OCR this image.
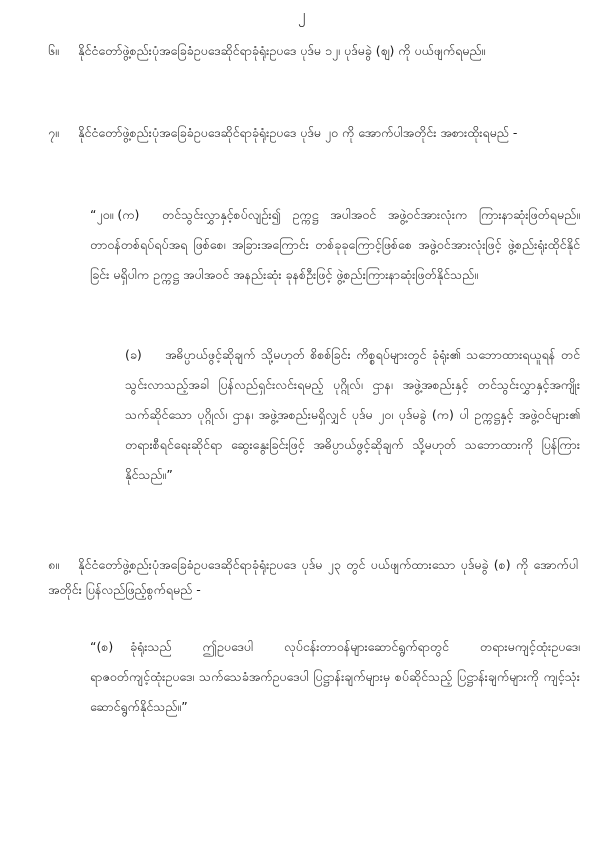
၂
၆။ နိုင်ငံတော်ဖွဲ့စည်းပုံအခြေခံဥပဒေဆိုင်ရာခုံရုံးဥပဒေ ပုဒ်မ ၁၂၊ ပုဒ်မခွဲ (ဈ) ကို ပယ်ဖျက်ရမည်။
၇။ နိုင်ငံတော်ဖွဲ့စည်းပုံအခြေခံဥပဒေဆိုင်ရာခုံရုံးဥပဒေ ပုဒ်မ ၂၀ ကို အောက်ပါအတိုင်း အစားထိုးရမည် -
“၂၀။ (က) တင်သွင်းလွှာနှင့်စပ်လျဉ်း၍ ဥက္ကဋ္ဌ အပါအဝင် အဖွဲ့ဝင်အားလုံးက ကြားနာဆုံးဖြတ်ရမည်။ တာဝန်တစ်ရပ်ရပ်အရ ဖြစ်စေ၊ အခြားအကြောင်း တစ်ခုခုကြောင့်ဖြစ်စေ အဖွဲ့ဝင်အားလုံးဖြင့် ဖွဲ့စည်းရုံးထိုင်နိုင်ခြင်း မရှိပါက ဥက္ကဋ္ဌ အပါအဝင် အနည်းဆုံး ခုနစ်ဦးဖြင့် ဖွဲ့စည်းကြားနာဆုံးဖြတ်နိုင်သည်။
(ခ) အဓိပ္ပာယ်ဖွင့်ဆိုချက် သို့မဟုတ် စိစစ်ခြင်း ကိစ္စရပ်များတွင် ခုံရုံး၏ သဘောထားရယူရန် တင်သွင်းလာသည့်အခါ ပြန်လည်ရှင်းလင်းရမည့် ပုဂ္ဂိုလ်၊ ဌာန၊ အဖွဲ့အစည်းနှင့် တင်သွင်းလွှာနှင့်အကျိုးသက်ဆိုင်သော ပုဂ္ဂိုလ်၊ ဌာန၊ အဖွဲ့အစည်းမရှိလျှင် ပုဒ်မ ၂၀၊ ပုဒ်မခွဲ (က) ပါ ဥက္ကဋ္ဌနှင့် အဖွဲ့ဝင်များ၏ တရားစီရင်ရေးဆိုင်ရာ ဆွေးနွေးခြင်းဖြင့် အဓိပ္ပာယ်ဖွင့်ဆိုချက် သို့မဟုတ် သဘောထားကို ပြန်ကြားနိုင်သည်။”
၈။ နိုင်ငံတော်ဖွဲ့စည်းပုံအခြေခံဥပဒေဆိုင်ရာခုံရုံးဥပဒေ ပုဒ်မ ၂၃ တွင် ပယ်ဖျက်ထားသော ပုဒ်မခွဲ (စ) ကို အောက်ပါအတိုင်း ပြန်လည်ဖြည့်စွက်ရမည် -
“(စ) ခုံရုံးသည် ဤဥပဒေပါ လုပ်ငန်းတာဝန်များဆောင်ရွက်ရာတွင် တရားမကျင့်ထုံးဥပဒေ၊ ရာဇဝတ်ကျင့်ထုံးဥပဒေ၊ သက်သေခံအက်ဥပဒေပါ ပြဋ္ဌာန်းချက်များမှ စပ်ဆိုင်သည့် ပြဋ္ဌာန်းချက်များကို ကျင့်သုံးဆောင်ရွက်နိုင်သည်။”
